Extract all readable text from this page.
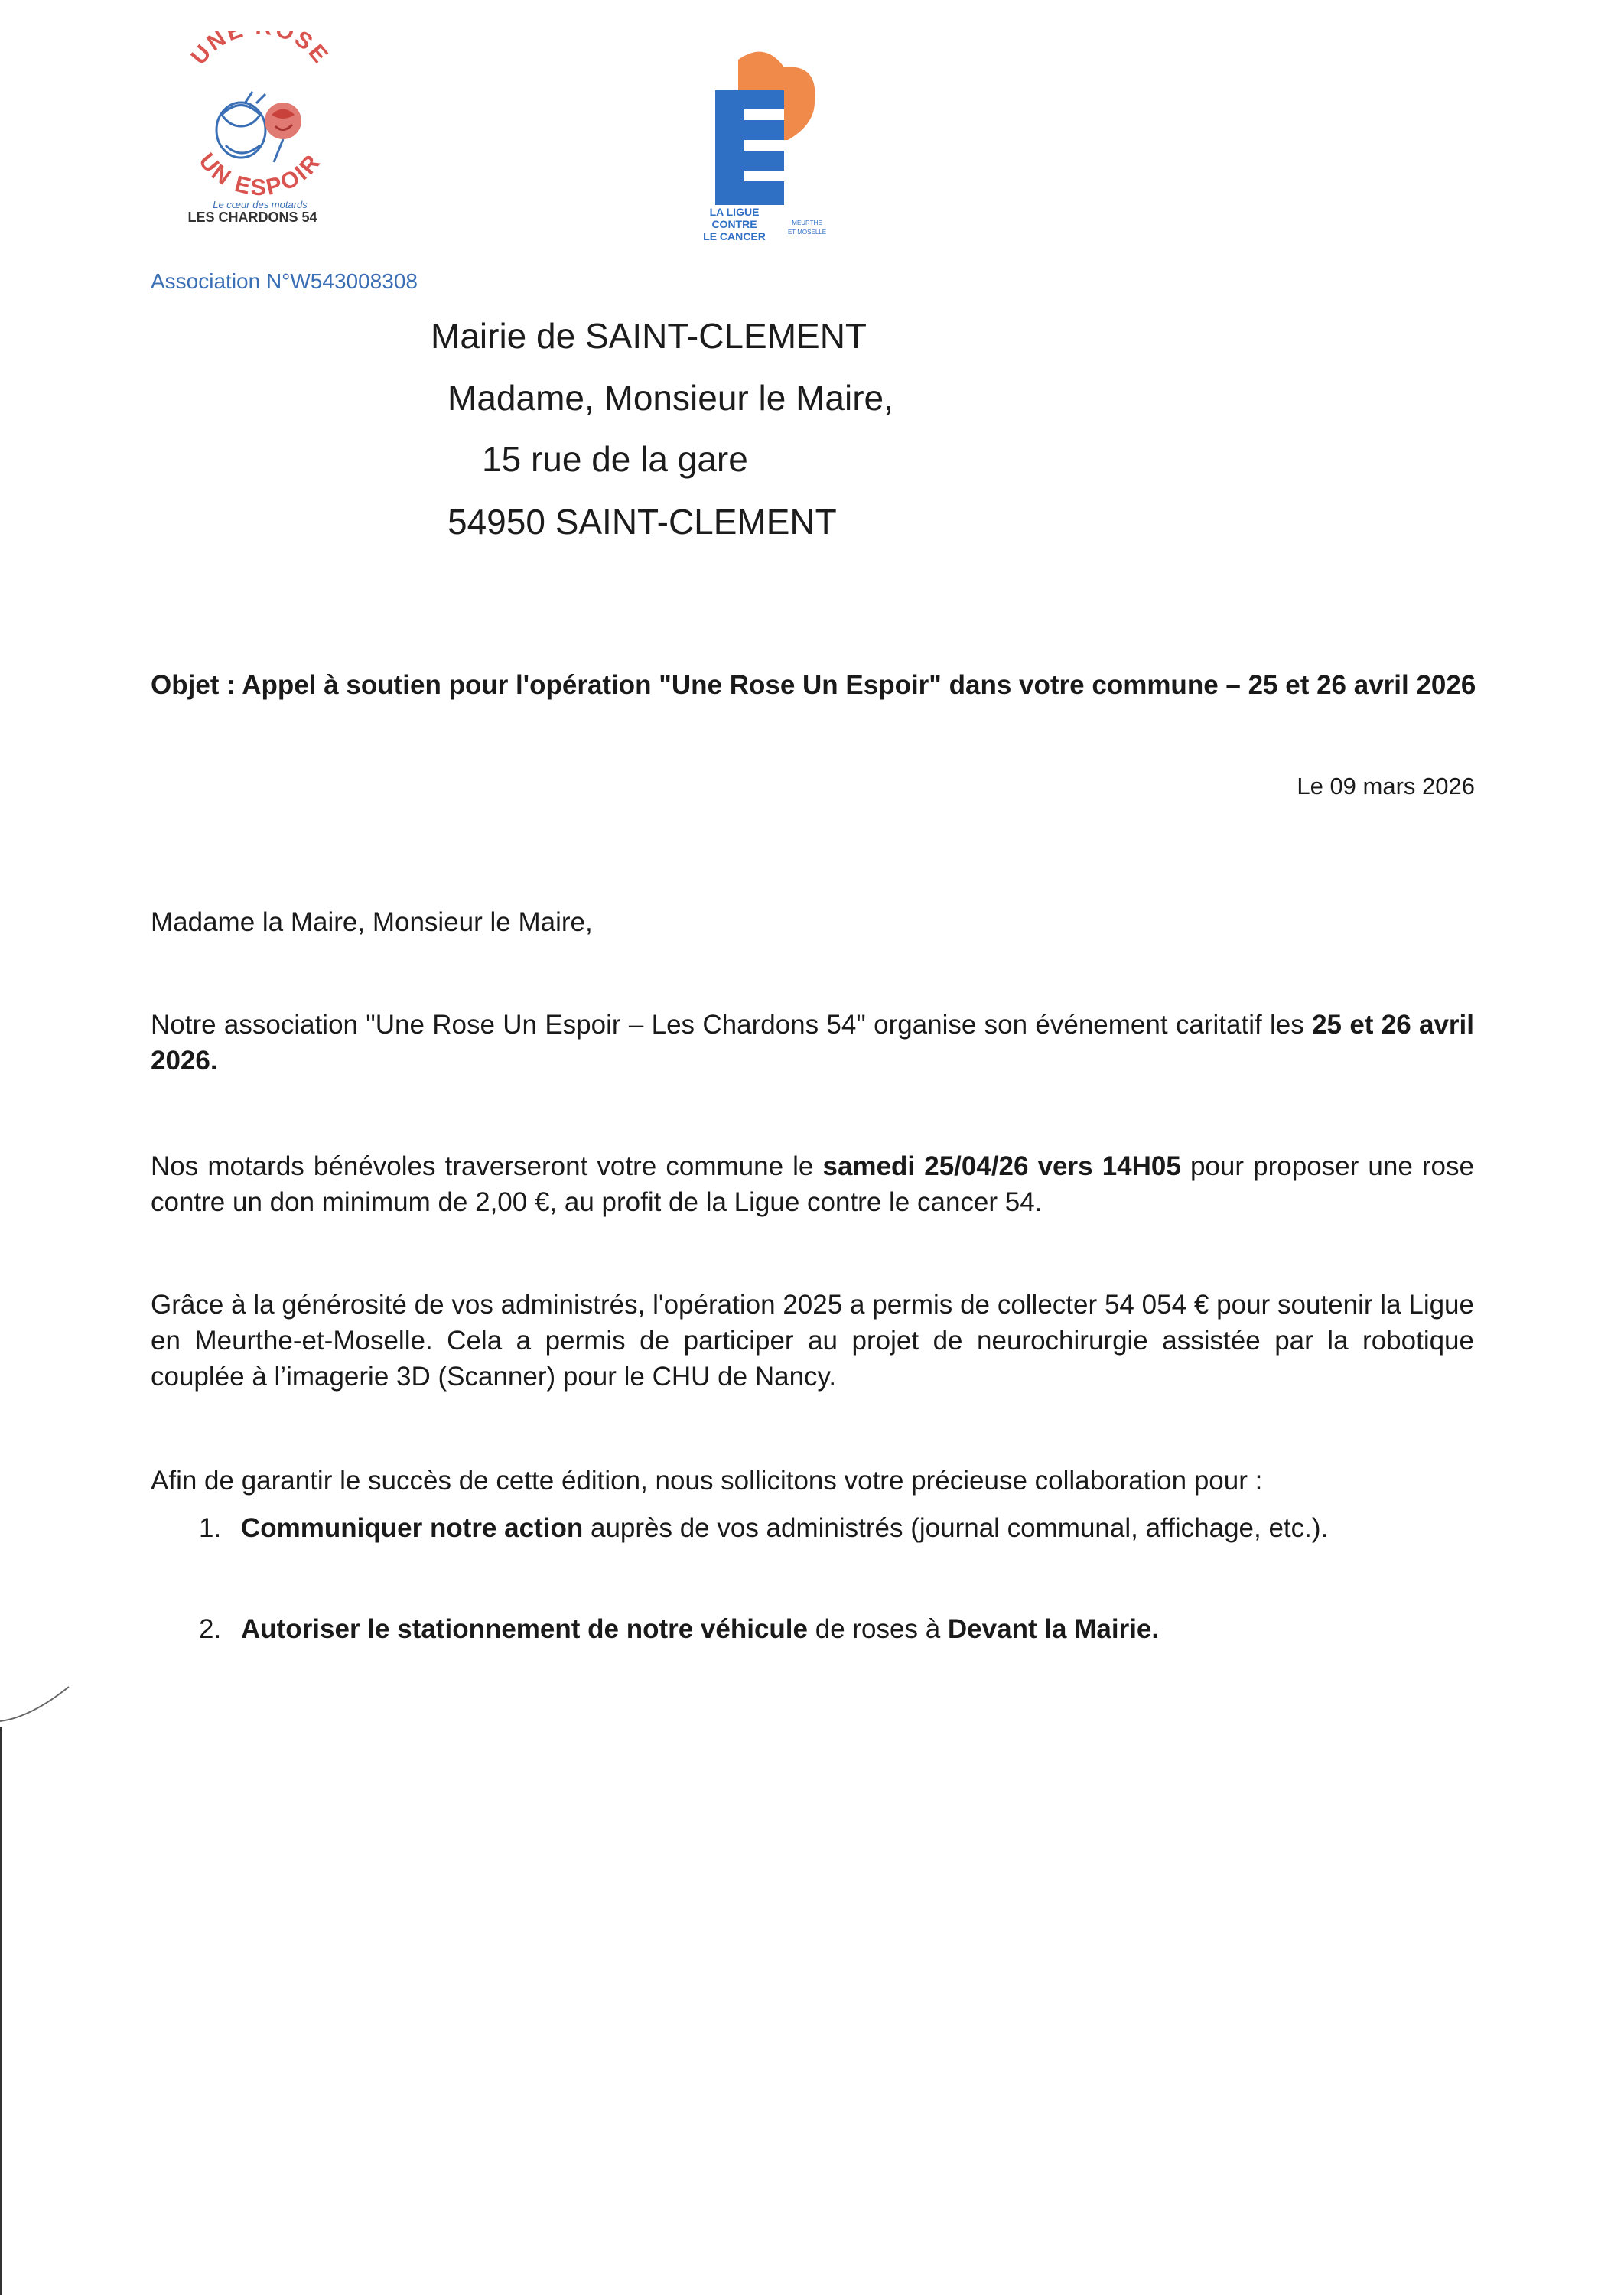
UNE OSE
UN ESPOIR
Le cœur des motards
LES CHARDONS 54	LA LIGUE
CONTRE
LE CANCER
MEURTHE
ET MOSELLE
Association N°W543008308
Mairie de SAINT-CLEMENT
Madame, Monsieur le Maire,
15 rue de la gare
54950 SAINT-CLEMENT
Objet : Appel à soutien pour l'opération "Une Rose Un Espoir" dans votre commune – 25 et 26 avril 2026
Le 09 mars 2026
Madame la Maire, Monsieur le Maire,
Notre association "Une Rose Un Espoir – Les Chardons 54" organise son événement caritatif les 25 et 26 avril 2026.
Nos motards bénévoles traverseront votre commune le samedi 25/04/26 vers 14H05 pour proposer une rose contre un don minimum de 2,00 €, au profit de la Ligue contre le cancer 54.
Grâce à la générosité de vos administrés, l'opération 2025 a permis de collecter 54 054 € pour soutenir la Ligue en Meurthe-et-Moselle. Cela a permis de participer au projet de neurochirurgie assistée par la robotique couplée à l’imagerie 3D (Scanner) pour le CHU de Nancy.
Afin de garantir le succès de cette édition, nous sollicitons votre précieuse collaboration pour :
1. Communiquer notre action auprès de vos administrés (journal communal, affichage, etc.).
2. Autoriser le stationnement de notre véhicule de roses à Devant la Mairie.
